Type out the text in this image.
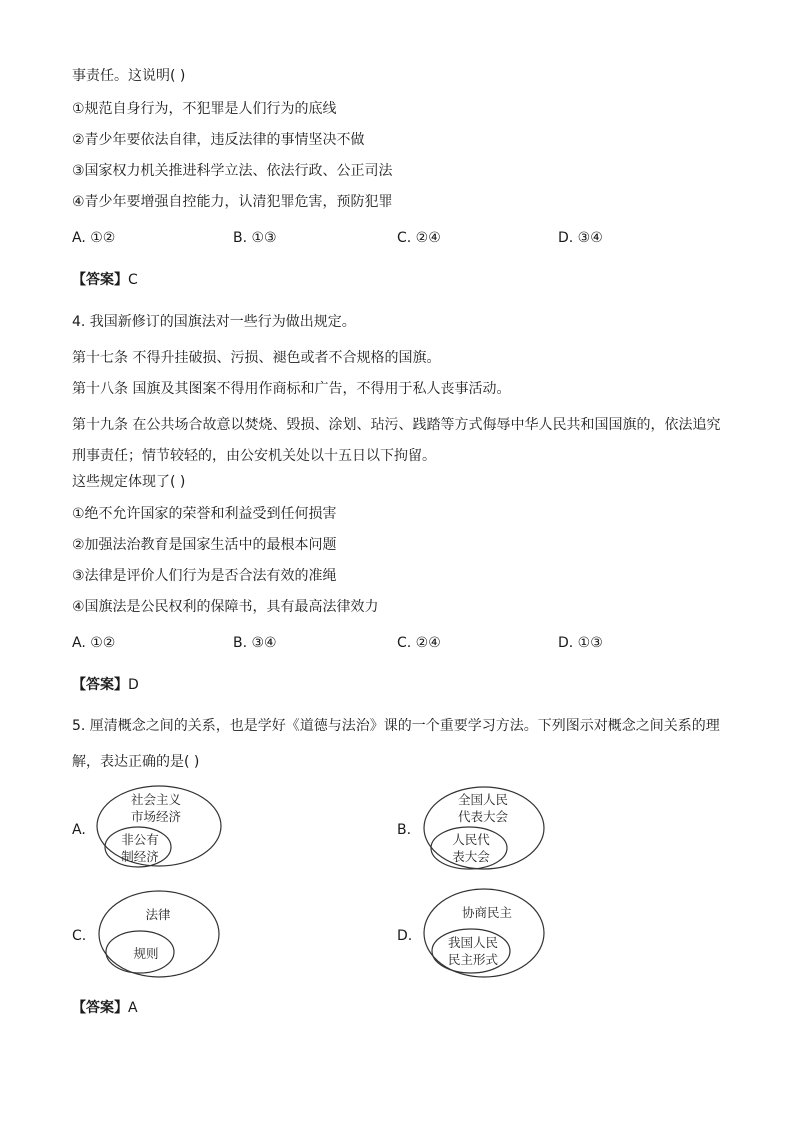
事责任。这说明( )
①规范自身行为，不犯罪是人们行为的底线
②青少年要依法自律，违反法律的事情坚决不做
③国家权力机关推进科学立法、依法行政、公正司法
④青少年要增强自控能力，认清犯罪危害，预防犯罪
A. ①②	B. ①③	C. ②④	D. ③④
【答案】C
4. 我国新修订的国旗法对一些行为做出规定。
第十七条 不得升挂破损、污损、褪色或者不合规格的国旗。
第十八条 国旗及其图案不得用作商标和广告，不得用于私人丧事活动。
第十九条 在公共场合故意以焚烧、毁损、涂划、玷污、践踏等方式侮辱中华人民共和国国旗的，依法追究刑事责任；情节较轻的，由公安机关处以十五日以下拘留。
这些规定体现了( )
①绝不允许国家的荣誉和利益受到任何损害
②加强法治教育是国家生活中的最根本问题
③法律是评价人们行为是否合法有效的准绳
④国旗法是公民权利的保障书，具有最高法律效力
A. ①②	B. ③④	C. ②④	D. ①③
【答案】D
5. 厘清概念之间的关系，也是学好《道德与法治》课的一个重要学习方法。下列图示对概念之间关系的理
解，表达正确的是( )
A.
社会主义
市场经济
非公有
制经济
B.
全国人民
代表大会
人民代
表大会
C.
法律
规则
D.
协商民主
我国人民
民主形式
【答案】A
